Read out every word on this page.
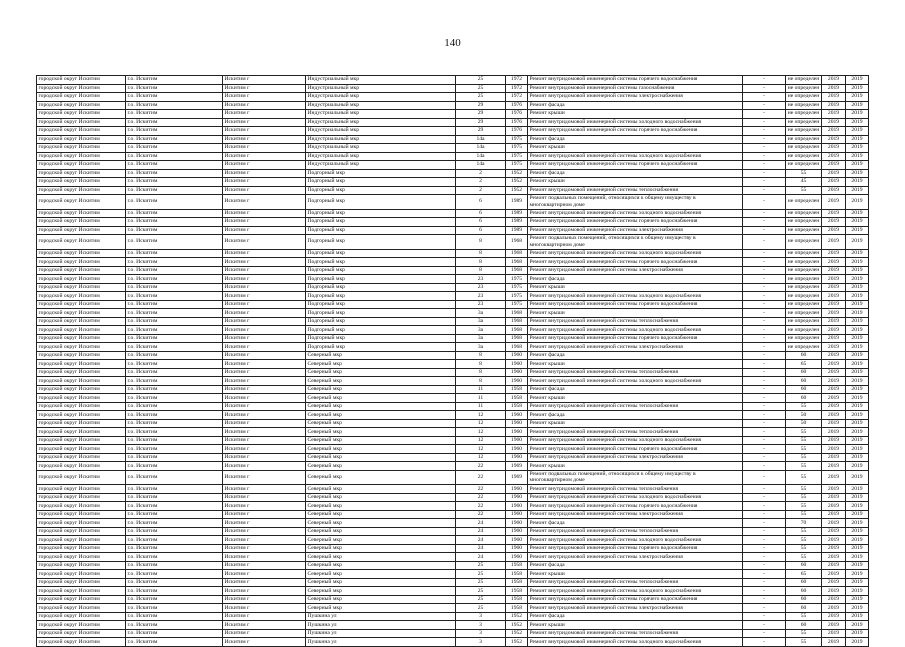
140
городской округ Искитим	г.о. Искитим	Искитим г	Индустриальный мкр	25	1972	Ремонт внутридомовой инженерной системы горячего водоснабжения	-	не определен	2019	2019
городской округ Искитим	г.о. Искитим	Искитим г	Индустриальный мкр	25	1972	Ремонт внутридомовой инженерной системы газоснабжения	-	не определен	2019	2019
городской округ Искитим	г.о. Искитим	Искитим г	Индустриальный мкр	25	1972	Ремонт внутридомовой инженерной системы электроснабжения	-	не определен	2019	2019
городской округ Искитим	г.о. Искитим	Искитим г	Индустриальный мкр	29	1976	Ремонт фасада	-	не определен	2019	2019
городской округ Искитим	г.о. Искитим	Искитим г	Индустриальный мкр	29	1976	Ремонт крыши	-	не определен	2019	2019
городской округ Искитим	г.о. Искитим	Искитим г	Индустриальный мкр	29	1976	Ремонт внутридомовой инженерной системы холодного водоснабжения	-	не определен	2019	2019
городской округ Искитим	г.о. Искитим	Искитим г	Индустриальный мкр	29	1976	Ремонт внутридомовой инженерной системы горячего водоснабжения	-	не определен	2019	2019
городской округ Искитим	г.о. Искитим	Искитим г	Индустриальный мкр	14а	1975	Ремонт фасада	-	не определен	2019	2019
городской округ Искитим	г.о. Искитим	Искитим г	Индустриальный мкр	14а	1975	Ремонт крыши	-	не определен	2019	2019
городской округ Искитим	г.о. Искитим	Искитим г	Индустриальный мкр	14а	1975	Ремонт внутридомовой инженерной системы холодного водоснабжения	-	не определен	2019	2019
городской округ Искитим	г.о. Искитим	Искитим г	Индустриальный мкр	14а	1975	Ремонт внутридомовой инженерной системы горячего водоснабжения	-	не определен	2019	2019
городской округ Искитим	г.о. Искитим	Искитим г	Подгорный мкр	2	1952	Ремонт фасада	-	55	2019	2019
городской округ Искитим	г.о. Искитим	Искитим г	Подгорный мкр	2	1952	Ремонт крыши	-	45	2019	2019
городской округ Искитим	г.о. Искитим	Искитим г	Подгорный мкр	2	1952	Ремонт внутридомовой инженерной системы теплоснабжения	-	55	2019	2019
городской округ Искитим	г.о. Искитим	Искитим г	Подгорный мкр	6	1989	Ремонт подвальных помещений, относящихся к общему имуществу в многоквартирном доме	-	не определен	2019	2019
городской округ Искитим	г.о. Искитим	Искитим г	Подгорный мкр	6	1989	Ремонт внутридомовой инженерной системы холодного водоснабжения	-	не определен	2019	2019
городской округ Искитим	г.о. Искитим	Искитим г	Подгорный мкр	6	1989	Ремонт внутридомовой инженерной системы горячего водоснабжения	-	не определен	2019	2019
городской округ Искитим	г.о. Искитим	Искитим г	Подгорный мкр	6	1989	Ремонт внутридомовой инженерной системы электроснабжения	-	не определен	2019	2019
городской округ Искитим	г.о. Искитим	Искитим г	Подгорный мкр	8	1968	Ремонт подвальных помещений, относящихся к общему имуществу в многоквартирном доме	-	не определен	2019	2019
городской округ Искитим	г.о. Искитим	Искитим г	Подгорный мкр	8	1968	Ремонт внутридомовой инженерной системы холодного водоснабжения	-	не определен	2019	2019
городской округ Искитим	г.о. Искитим	Искитим г	Подгорный мкр	8	1968	Ремонт внутридомовой инженерной системы горячего водоснабжения	-	не определен	2019	2019
городской округ Искитим	г.о. Искитим	Искитим г	Подгорный мкр	8	1968	Ремонт внутридомовой инженерной системы электроснабжения	-	не определен	2019	2019
городской округ Искитим	г.о. Искитим	Искитим г	Подгорный мкр	23	1975	Ремонт фасада	-	не определен	2019	2019
городской округ Искитим	г.о. Искитим	Искитим г	Подгорный мкр	23	1975	Ремонт крыши	-	не определен	2019	2019
городской округ Искитим	г.о. Искитим	Искитим г	Подгорный мкр	23	1975	Ремонт внутридомовой инженерной системы холодного водоснабжения	-	не определен	2019	2019
городской округ Искитим	г.о. Искитим	Искитим г	Подгорный мкр	23	1975	Ремонт внутридомовой инженерной системы горячего водоснабжения	-	не определен	2019	2019
городской округ Искитим	г.о. Искитим	Искитим г	Подгорный мкр	3а	1968	Ремонт крыши	-	не определен	2019	2019
городской округ Искитим	г.о. Искитим	Искитим г	Подгорный мкр	3а	1968	Ремонт внутридомовой инженерной системы теплоснабжения	-	не определен	2019	2019
городской округ Искитим	г.о. Искитим	Искитим г	Подгорный мкр	3а	1968	Ремонт внутридомовой инженерной системы холодного водоснабжения	-	не определен	2019	2019
городской округ Искитим	г.о. Искитим	Искитим г	Подгорный мкр	3а	1968	Ремонт внутридомовой инженерной системы горячего водоснабжения	-	не определен	2019	2019
городской округ Искитим	г.о. Искитим	Искитим г	Подгорный мкр	3а	1968	Ремонт внутридомовой инженерной системы электроснабжения	-	не определен	2019	2019
городской округ Искитим	г.о. Искитим	Искитим г	Северный мкр	8	1960	Ремонт фасада	-	60	2019	2019
городской округ Искитим	г.о. Искитим	Искитим г	Северный мкр	8	1960	Ремонт крыши	-	65	2019	2019
городской округ Искитим	г.о. Искитим	Искитим г	Северный мкр	8	1960	Ремонт внутридомовой инженерной системы теплоснабжения	-	60	2019	2019
городской округ Искитим	г.о. Искитим	Искитим г	Северный мкр	8	1960	Ремонт внутридомовой инженерной системы холодного водоснабжения	-	60	2019	2019
городской округ Искитим	г.о. Искитим	Искитим г	Северный мкр	11	1958	Ремонт фасада	-	60	2019	2019
городской округ Искитим	г.о. Искитим	Искитим г	Северный мкр	11	1958	Ремонт крыши	-	60	2019	2019
городской округ Искитим	г.о. Искитим	Искитим г	Северный мкр	11	1958	Ремонт внутридомовой инженерной системы теплоснабжения	-	55	2019	2019
городской округ Искитим	г.о. Искитим	Искитим г	Северный мкр	12	1960	Ремонт фасада	-	50	2019	2019
городской округ Искитим	г.о. Искитим	Искитим г	Северный мкр	12	1960	Ремонт крыши	-	50	2019	2019
городской округ Искитим	г.о. Искитим	Искитим г	Северный мкр	12	1960	Ремонт внутридомовой инженерной системы теплоснабжения	-	55	2019	2019
городской округ Искитим	г.о. Искитим	Искитим г	Северный мкр	12	1960	Ремонт внутридомовой инженерной системы холодного водоснабжения	-	55	2019	2019
городской округ Искитим	г.о. Искитим	Искитим г	Северный мкр	12	1960	Ремонт внутридомовой инженерной системы горячего водоснабжения	-	55	2019	2019
городской округ Искитим	г.о. Искитим	Искитим г	Северный мкр	12	1960	Ремонт внутридомовой инженерной системы электроснабжения	-	55	2019	2019
городской округ Искитим	г.о. Искитим	Искитим г	Северный мкр	22	1969	Ремонт крыши	-	55	2019	2019
городской округ Искитим	г.о. Искитим	Искитим г	Северный мкр	22	1969	Ремонт подвальных помещений, относящихся к общему имуществу в многоквартирном доме	-	55	2019	2019
городской округ Искитим	г.о. Искитим	Искитим г	Северный мкр	22	1960	Ремонт внутридомовой инженерной системы теплоснабжения	-	55	2019	2019
городской округ Искитим	г.о. Искитим	Искитим г	Северный мкр	22	1960	Ремонт внутридомовой инженерной системы холодного водоснабжения	-	55	2019	2019
городской округ Искитим	г.о. Искитим	Искитим г	Северный мкр	22	1960	Ремонт внутридомовой инженерной системы горячего водоснабжения	-	55	2019	2019
городской округ Искитим	г.о. Искитим	Искитим г	Северный мкр	22	1960	Ремонт внутридомовой инженерной системы электроснабжения	-	55	2019	2019
городской округ Искитим	г.о. Искитим	Искитим г	Северный мкр	24	1960	Ремонт фасада	-	70	2019	2019
городской округ Искитим	г.о. Искитим	Искитим г	Северный мкр	24	1960	Ремонт внутридомовой инженерной системы теплоснабжения	-	55	2019	2019
городской округ Искитим	г.о. Искитим	Искитим г	Северный мкр	24	1960	Ремонт внутридомовой инженерной системы холодного водоснабжения	-	55	2019	2019
городской округ Искитим	г.о. Искитим	Искитим г	Северный мкр	24	1960	Ремонт внутридомовой инженерной системы горячего водоснабжения	-	55	2019	2019
городской округ Искитим	г.о. Искитим	Искитим г	Северный мкр	24	1960	Ремонт внутридомовой инженерной системы электроснабжения	-	55	2019	2019
городской округ Искитим	г.о. Искитим	Искитим г	Северный мкр	25	1958	Ремонт фасада	-	60	2019	2019
городской округ Искитим	г.о. Искитим	Искитим г	Северный мкр	25	1958	Ремонт крыши	-	65	2019	2019
городской округ Искитим	г.о. Искитим	Искитим г	Северный мкр	25	1958	Ремонт внутридомовой инженерной системы теплоснабжения	-	60	2019	2019
городской округ Искитим	г.о. Искитим	Искитим г	Северный мкр	25	1958	Ремонт внутридомовой инженерной системы холодного водоснабжения	-	60	2019	2019
городской округ Искитим	г.о. Искитим	Искитим г	Северный мкр	25	1958	Ремонт внутридомовой инженерной системы горячего водоснабжения	-	60	2019	2019
городской округ Искитим	г.о. Искитим	Искитим г	Северный мкр	25	1958	Ремонт внутридомовой инженерной системы электроснабжения	-	60	2019	2019
городской округ Искитим	г.о. Искитим	Искитим г	Пушкина ул	3	1952	Ремонт фасада	-	55	2019	2019
городской округ Искитим	г.о. Искитим	Искитим г	Пушкина ул	3	1952	Ремонт крыши	-	60	2019	2019
городской округ Искитим	г.о. Искитим	Искитим г	Пушкина ул	3	1952	Ремонт внутридомовой инженерной системы теплоснабжения	-	55	2019	2019
городской округ Искитим	г.о. Искитим	Искитим г	Пушкина ул	3	1952	Ремонт внутридомовой инженерной системы холодного водоснабжения	-	55	2019	2019
